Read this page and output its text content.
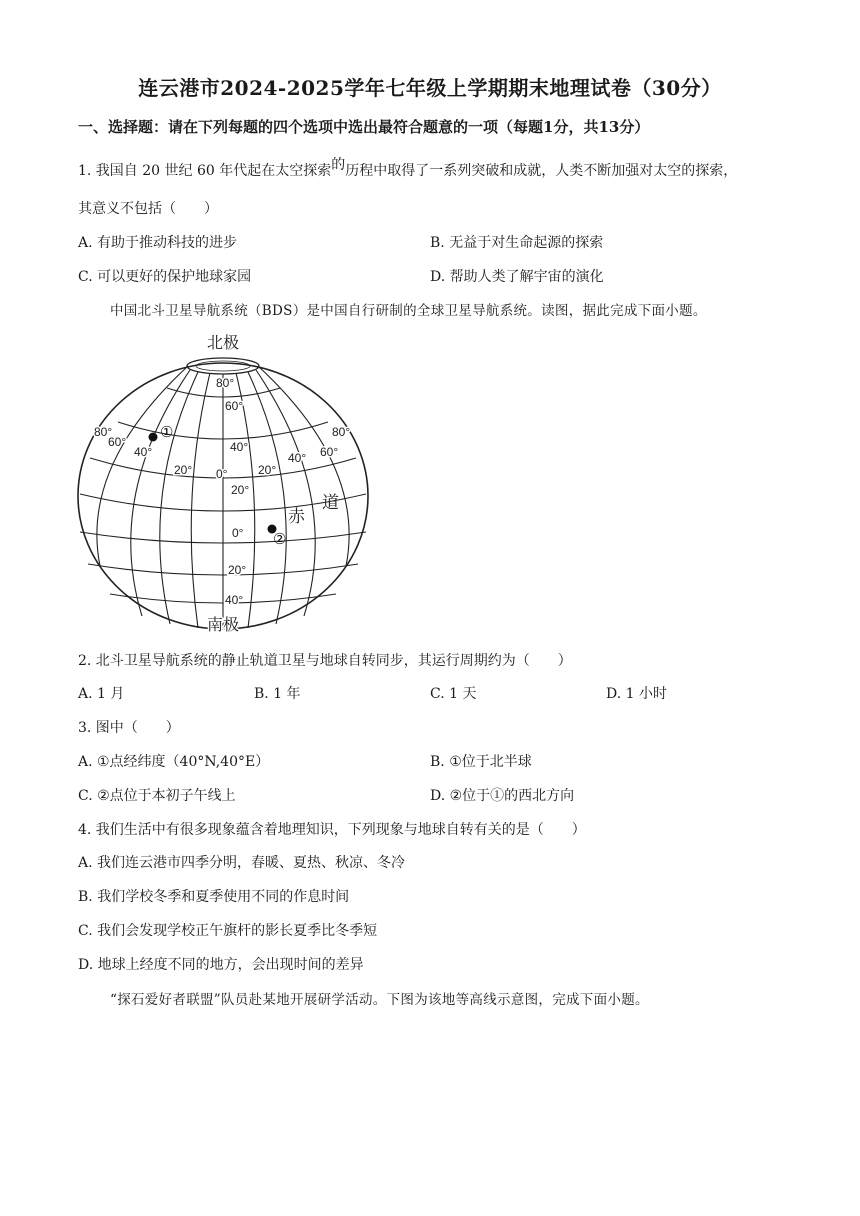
连云港市2024-2025学年七年级上学期期末地理试卷（30分）
一、选择题：请在下列每题的四个选项中选出最符合题意的一项（每题1分，共13分）
1. 我国自 20 世纪 60 年代起在太空探索的历程中取得了一系列突破和成就，人类不断加强对太空的探索，
其意义不包括（　　）
A. 有助于推动科技的进步	B. 无益于对生命起源的探索
C. 可以更好的保护地球家园	D. 帮助人类了解宇宙的演化
中国北斗卫星导航系统（BDS）是中国自行研制的全球卫星导航系统。读图，据此完成下面小题。
北极
南极
80°
60°
40°
20°
0°
20°
40°
0°
80°
60°
40°
20°	20°
40° 60°
80°
赤
道
①
②
2. 北斗卫星导航系统的静止轨道卫星与地球自转同步，其运行周期约为（　　）
A. 1 月	B. 1 年	C. 1 天	D. 1 小时
3. 图中（　　）
A. ①点经纬度（40°N,40°E）	B. ①位于北半球
C. ②点位于本初子午线上	D. ②位于①的西北方向
4. 我们生活中有很多现象蕴含着地理知识，下列现象与地球自转有关的是（　　）
A. 我们连云港市四季分明，春暖、夏热、秋凉、冬冷
B. 我们学校冬季和夏季使用不同的作息时间
C. 我们会发现学校正午旗杆的影长夏季比冬季短
D. 地球上经度不同的地方，会出现时间的差异
“探石爱好者联盟”队员赴某地开展研学活动。下图为该地等高线示意图，完成下面小题。
